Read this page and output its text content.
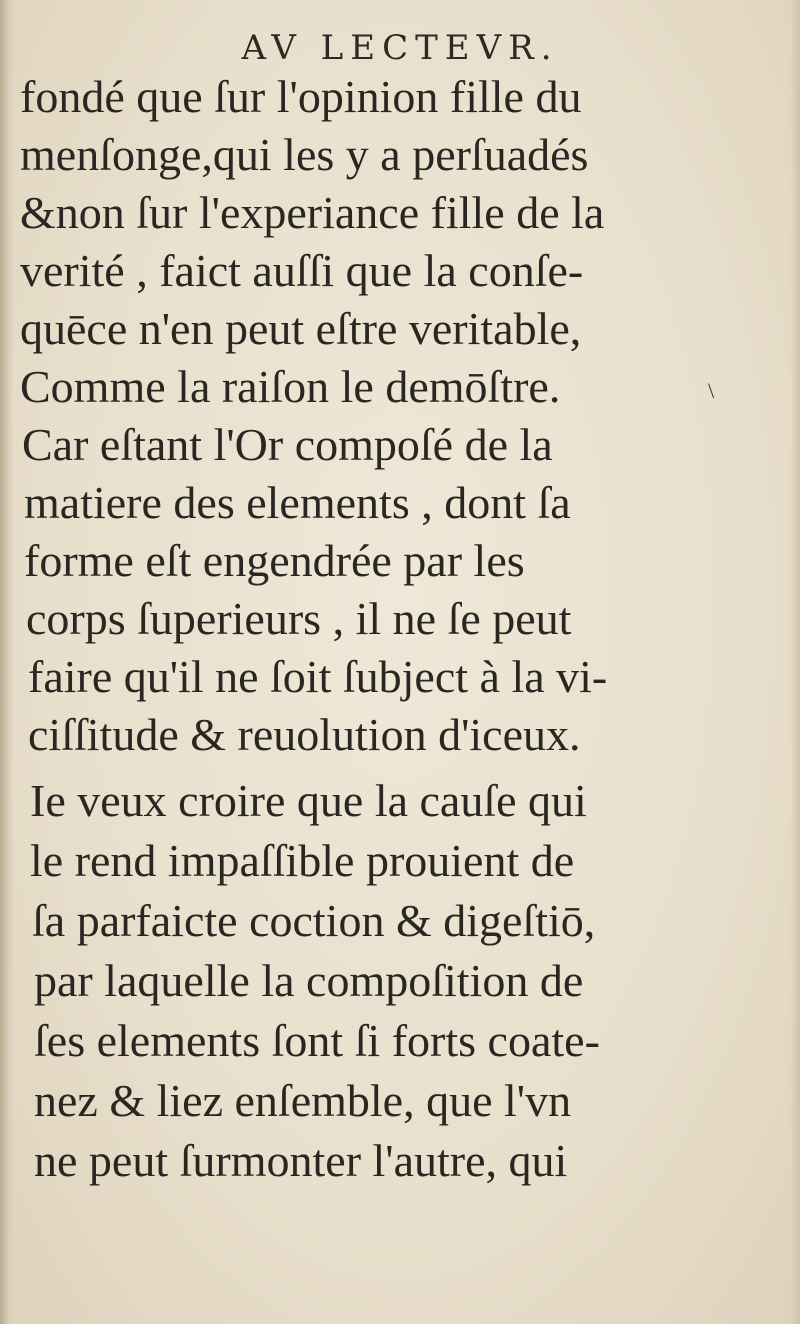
AV LECTEVR.
\
fondé que ſur l'opinion fille du
menſonge,qui les y a perſuadés
&non ſur l'experiance fille de la
verité , faict auſſi que la conſe-
quēce n'en peut eſtre veritable,
Comme la raiſon le demōſtre.
Car eſtant l'Or compoſé de la
matiere des elements , dont ſa
forme eſt engendrée par les
corps ſuperieurs , il ne ſe peut
faire qu'il ne ſoit ſubject à la vi-
ciſſitude & reuolution d'iceux.
Ie veux croire que la cauſe qui
le rend impaſſible prouient de
ſa parfaicte coction & digeſtiō,
par laquelle la compoſition de
ſes elements ſont ſi forts coate-
nez & liez enſemble, que l'vn
ne peut ſurmonter l'autre, qui
